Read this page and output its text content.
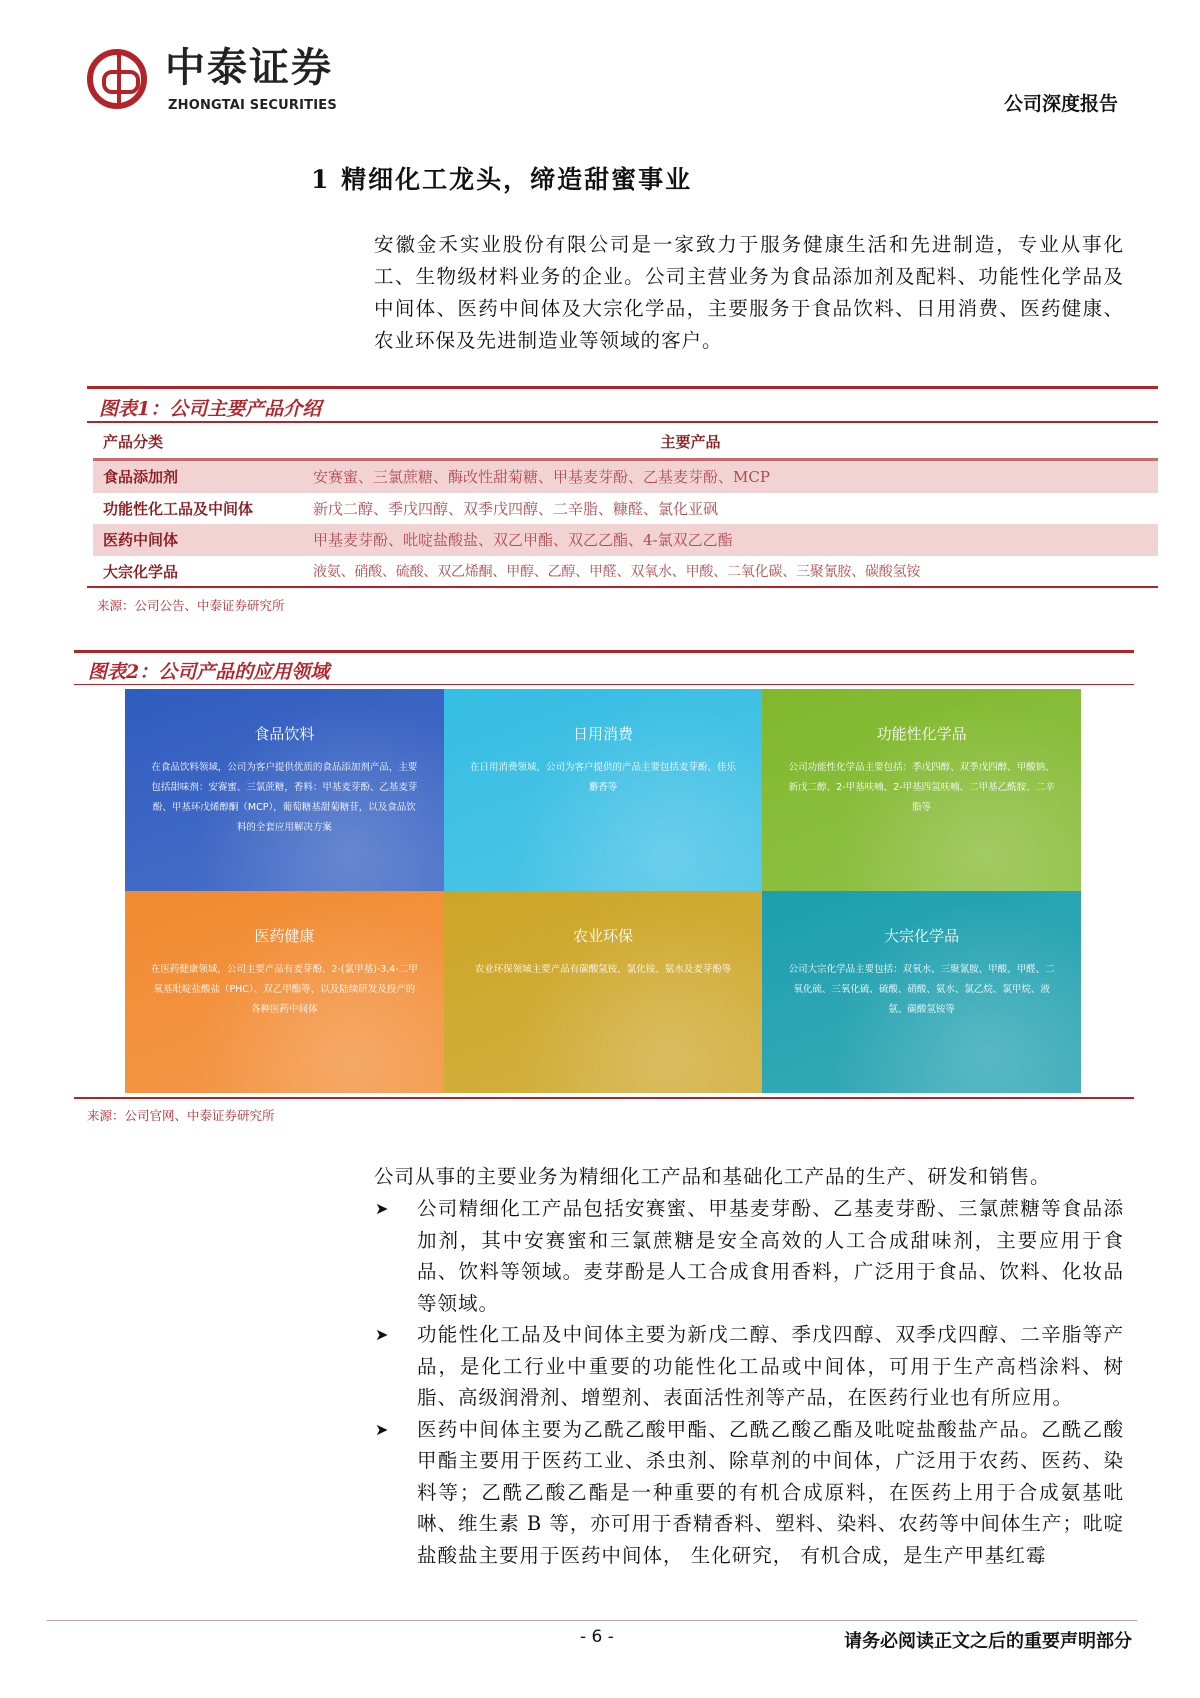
中泰证券
ZHONGTAI SECURITIES	公司深度报告
1 精细化工龙头，缔造甜蜜事业
安徽金禾实业股份有限公司是一家致力于服务健康生活和先进制造，专业从事化工、生物级材料业务的企业。公司主营业务为食品添加剂及配料、功能性化学品及中间体、医药中间体及大宗化学品，主要服务于食品饮料、日用消费、医药健康、农业环保及先进制造业等领域的客户。
图表1：公司主要产品介绍
产品分类	主要产品
食品添加剂	安赛蜜、三氯蔗糖、酶改性甜菊糖、甲基麦芽酚、乙基麦芽酚、MCP
功能性化工品及中间体	新戊二醇、季戊四醇、双季戊四醇、二辛脂、糠醛、氯化亚砜
医药中间体	甲基麦芽酚、吡啶盐酸盐、双乙甲酯、双乙乙酯、4-氯双乙乙酯
大宗化学品	液氨、硝酸、硫酸、双乙烯酮、甲醇、乙醇、甲醛、双氧水、甲酸、二氧化碳、三聚氰胺、碳酸氢铵
来源：公司公告、中泰证券研究所
图表2：公司产品的应用领域
食品饮料
在食品饮料领域，公司为客户提供优质的食品添加剂产品，主要包括甜味剂：安赛蜜、三氯蔗糖，香料：甲基麦芽酚、乙基麦芽酚、甲基环戊烯醇酮（MCP），葡萄糖基甜菊糖苷，以及食品饮料的全套应用解决方案
日用消费
在日用消费领域，公司为客户提供的产品主要包括麦芽酚、佳乐麝香等
功能性化学品
公司功能性化学品主要包括：季戊四醇、双季戊四醇、甲酸钠、新戊二醇、2-甲基呋喃、2-甲基四氢呋喃、二甲基乙酰胺、二辛脂等
医药健康
在医药健康领域，公司主要产品有麦芽酚、2-(氯甲基)-3,4-二甲氧基吡啶盐酸盐（PHC）、双乙甲酯等，以及陆续研发及投产的各种医药中间体
农业环保
农业环保领域主要产品有碳酸氢铵、氯化铵、氨水及麦芽酚等
大宗化学品
公司大宗化学品主要包括：双氧水、三聚氰胺、甲酸、甲醛、二氧化硫、三氧化硫、硫酸、硝酸、氨水、氯乙烷、氯甲烷、液氨、碳酸氢铵等
来源：公司官网、中泰证券研究所
公司从事的主要业务为精细化工产品和基础化工产品的生产、研发和销售。
➤ 公司精细化工产品包括安赛蜜、甲基麦芽酚、乙基麦芽酚、三氯蔗糖等食品添加剂，其中安赛蜜和三氯蔗糖是安全高效的人工合成甜味剂，主要应用于食品、饮料等领域。麦芽酚是人工合成食用香料，广泛用于食品、饮料、化妆品等领域。
➤ 功能性化工品及中间体主要为新戊二醇、季戊四醇、双季戊四醇、二辛脂等产品，是化工行业中重要的功能性化工品或中间体，可用于生产高档涂料、树脂、高级润滑剂、增塑剂、表面活性剂等产品，在医药行业也有所应用。
➤ 医药中间体主要为乙酰乙酸甲酯、乙酰乙酸乙酯及吡啶盐酸盐产品。乙酰乙酸甲酯主要用于医药工业、杀虫剂、除草剂的中间体，广泛用于农药、医药、染料等；乙酰乙酸乙酯是一种重要的有机合成原料，在医药上用于合成氨基吡啉、维生素 B 等，亦可用于香精香料、塑料、染料、农药等中间体生产；吡啶盐酸盐主要用于医药中间体， 生化研究， 有机合成，是生产甲基红霉
- 6 -	请务必阅读正文之后的重要声明部分
